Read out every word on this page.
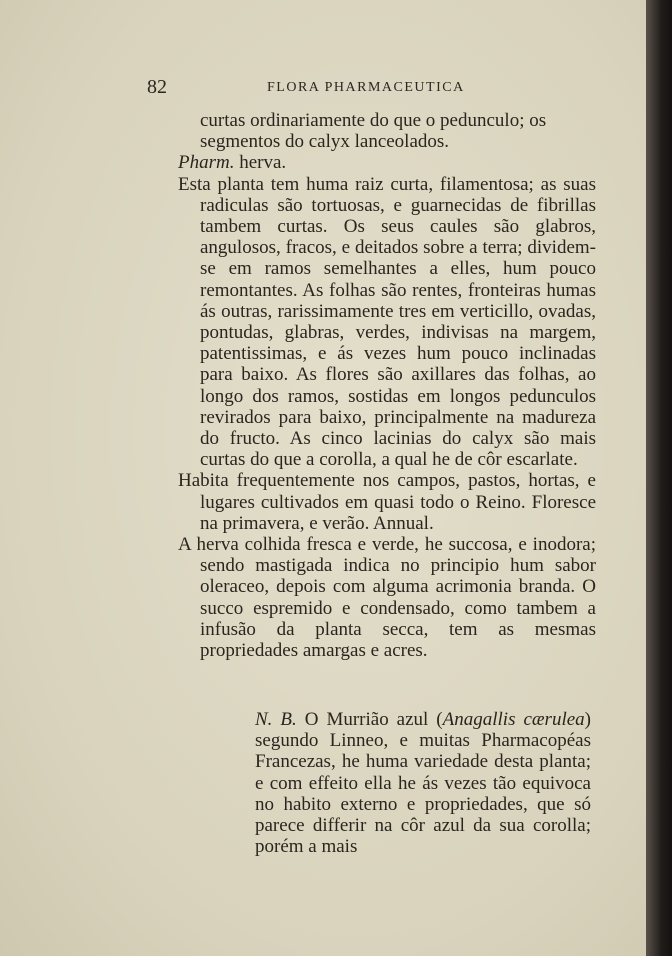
82	FLORA PHARMACEUTICA

curtas ordinariamente do que o pedunculo; os

segmentos do calyx lanceolados.

Pharm. herva.

Esta planta tem huma raiz curta, filamentosa; as suas radiculas são tortuosas, e guarnecidas de fibrillas tambem curtas. Os seus caules são glabros, angulosos, fracos, e deitados sobre a terra; dividem-se em ramos semelhantes a elles, hum pouco remontantes. As folhas são rentes, fronteiras humas ás outras, rarissimamente tres em verticillo, ovadas, pontudas, glabras, verdes, indivisas na margem, patentissimas, e ás vezes hum pouco inclinadas para baixo. As flores são axillares das folhas, ao longo dos ramos, sostidas em longos pedunculos revirados para baixo, principalmente na madureza do fructo. As cinco lacinias do calyx são mais curtas do que a corolla, a qual he de côr escarlate.

Habita frequentemente nos campos, pastos, hortas, e lugares cultivados em quasi todo o Reino. Floresce na primavera, e verão. Annual.

A herva colhida fresca e verde, he succosa, e inodora; sendo mastigada indica no principio hum sabor oleraceo, depois com alguma acrimonia branda. O succo espremido e condensado, como tambem a infusão da planta secca, tem as mesmas propriedades amargas e acres.

N. B. O Murrião azul (Anagallis cærulea) segundo Linneo, e muitas Pharmacopéas Francezas, he huma variedade desta planta; e com effeito ella he ás vezes tão equivoca no habito externo e propriedades, que só parece differir na côr azul da sua corolla; porém a mais
